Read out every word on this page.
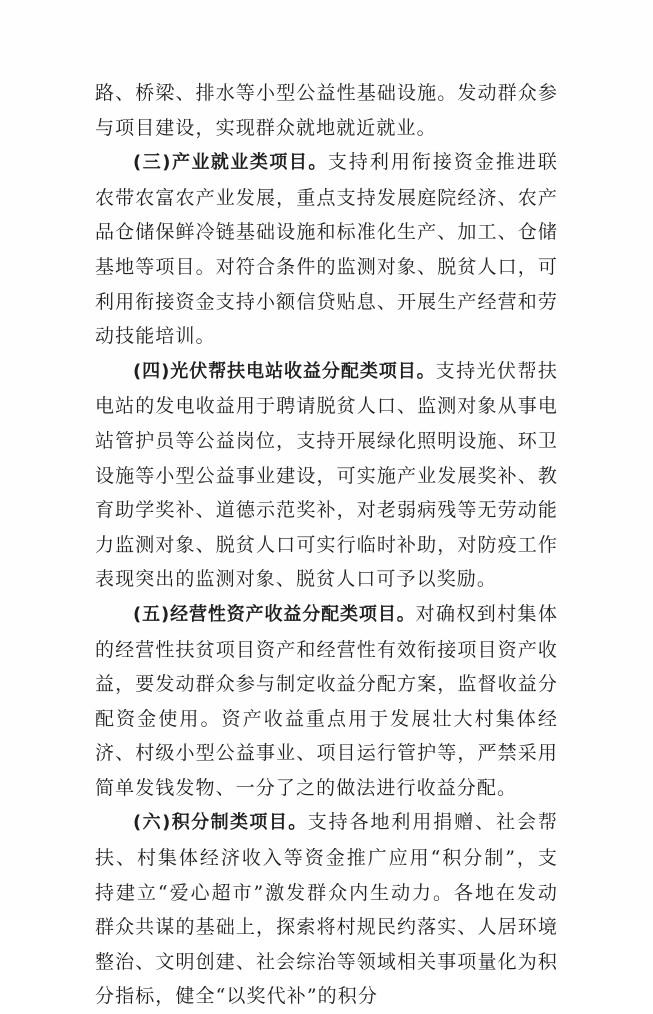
路、桥梁、排水等小型公益性基础设施。发动群众参与项目建设，实现群众就地就近就业。

(三)产业就业类项目。支持利用衔接资金推进联农带农富农产业发展，重点支持发展庭院经济、农产品仓储保鲜冷链基础设施和标准化生产、加工、仓储基地等项目。对符合条件的监测对象、脱贫人口，可利用衔接资金支持小额信贷贴息、开展生产经营和劳动技能培训。

(四)光伏帮扶电站收益分配类项目。支持光伏帮扶电站的发电收益用于聘请脱贫人口、监测对象从事电站管护员等公益岗位，支持开展绿化照明设施、环卫设施等小型公益事业建设，可实施产业发展奖补、教育助学奖补、道德示范奖补，对老弱病残等无劳动能力监测对象、脱贫人口可实行临时补助，对防疫工作表现突出的监测对象、脱贫人口可予以奖励。

(五)经营性资产收益分配类项目。对确权到村集体的经营性扶贫项目资产和经营性有效衔接项目资产收益，要发动群众参与制定收益分配方案，监督收益分配资金使用。资产收益重点用于发展壮大村集体经济、村级小型公益事业、项目运行管护等，严禁采用简单发钱发物、一分了之的做法进行收益分配。

(六)积分制类项目。支持各地利用捐赠、社会帮扶、村集体经济收入等资金推广应用“积分制”，支持建立“爱心超市”激发群众内生动力。各地在发动群众共谋的基础上，探索将村规民约落实、人居环境整治、文明创建、社会综治等领域相关事项量化为积分指标，健全“以奖代补”的积分
